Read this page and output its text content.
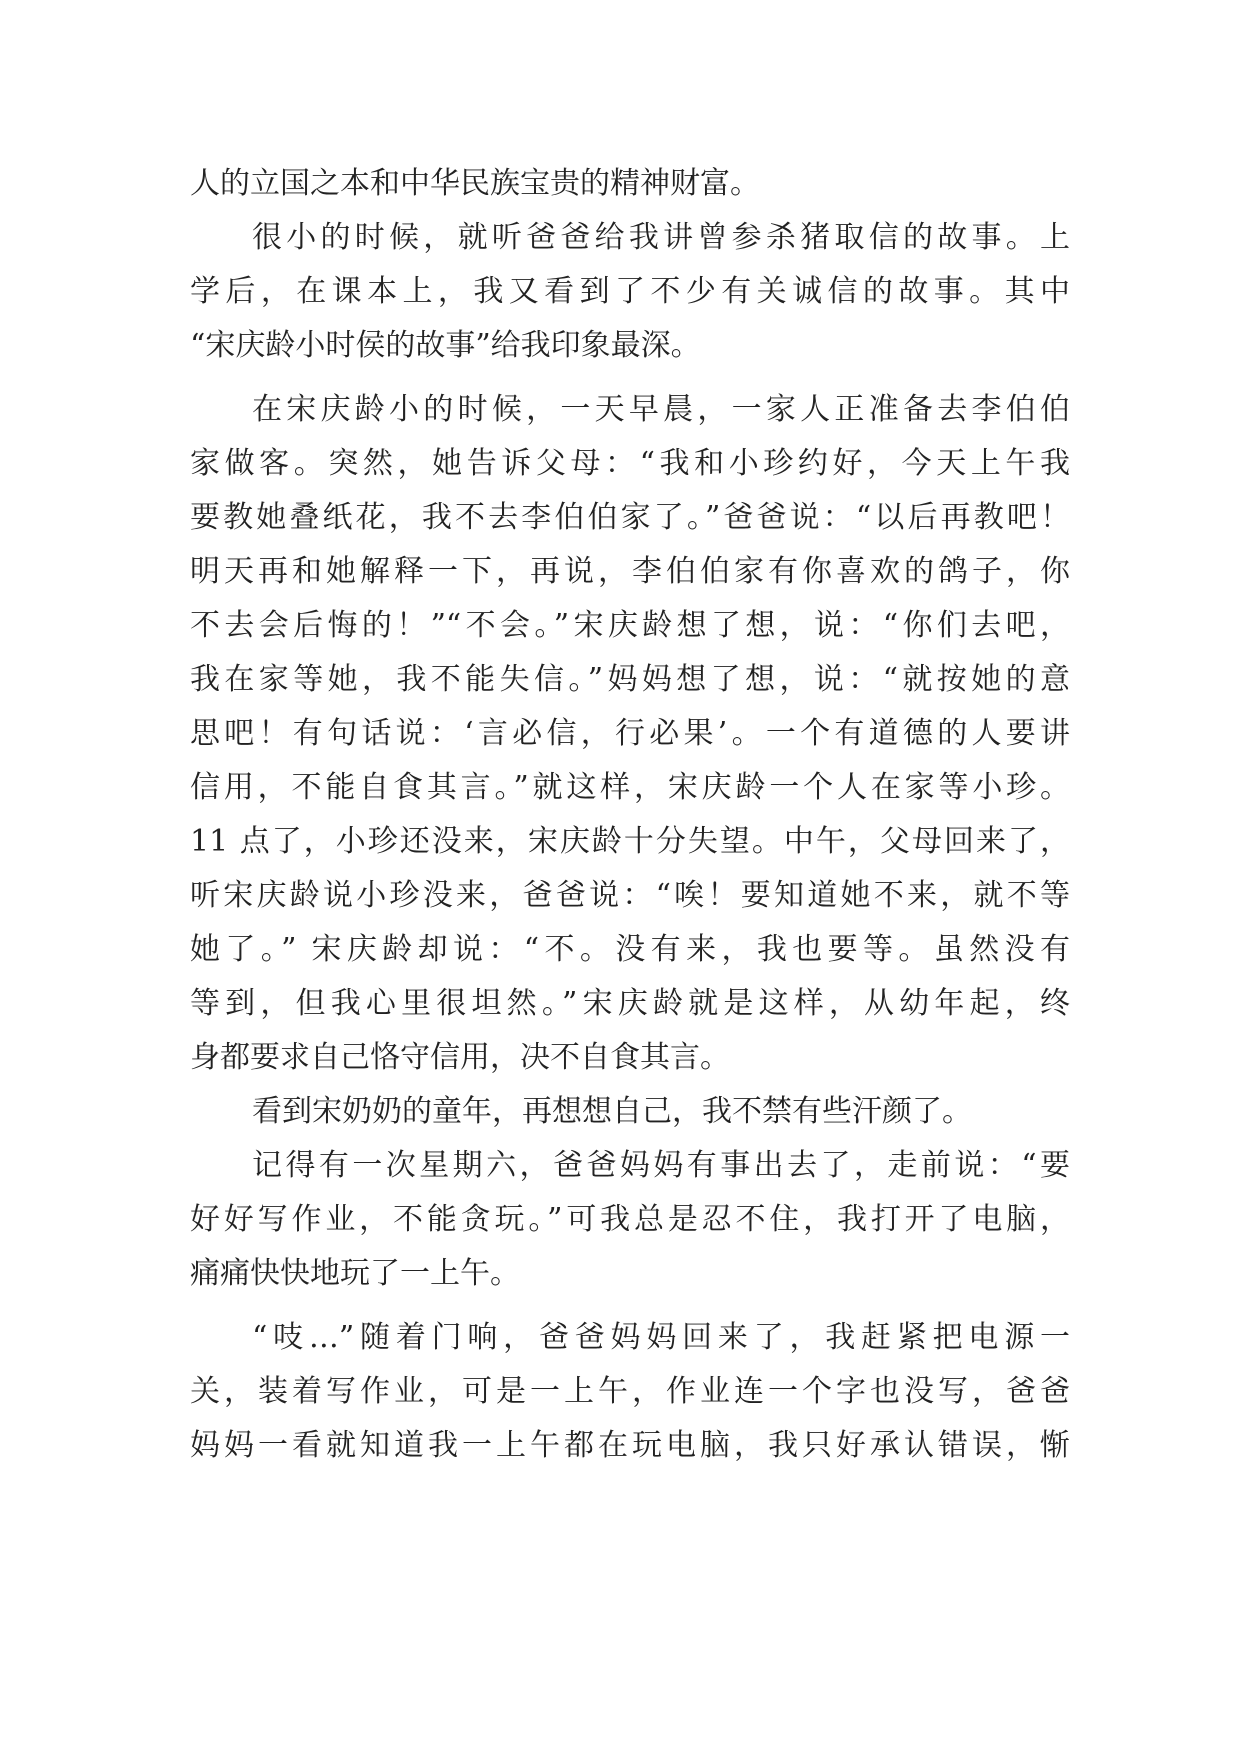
人的立国之本和中华民族宝贵的精神财富。
很小的时候，就听爸爸给我讲曾参杀猪取信的故事。上
学后，在课本上，我又看到了不少有关诚信的故事。其中
“宋庆龄小时侯的故事”给我印象最深。
在宋庆龄小的时候，一天早晨，一家人正准备去李伯伯
家做客。突然，她告诉父母：“我和小珍约好，今天上午我
要教她叠纸花，我不去李伯伯家了。”爸爸说：“以后再教吧！
明天再和她解释一下，再说，李伯伯家有你喜欢的鸽子，你
不去会后悔的！”“不会。”宋庆龄想了想，说：“你们去吧，
我在家等她，我不能失信。”妈妈想了想，说：“就按她的意
思吧！有句话说：‘言必信，行必果’。一个有道德的人要讲
信用，不能自食其言。”就这样，宋庆龄一个人在家等小珍。
11 点了，小珍还没来，宋庆龄十分失望。中午，父母回来了，
听宋庆龄说小珍没来，爸爸说：“唉！要知道她不来，就不等
她了。” 宋庆龄却说：“不。没有来，我也要等。虽然没有
等到，但我心里很坦然。”宋庆龄就是这样，从幼年起，终
身都要求自己恪守信用，决不自食其言。
看到宋奶奶的童年，再想想自己，我不禁有些汗颜了。
记得有一次星期六，爸爸妈妈有事出去了，走前说：“要
好好写作业，不能贪玩。”可我总是忍不住，我打开了电脑，
痛痛快快地玩了一上午。
“吱…”随着门响，爸爸妈妈回来了，我赶紧把电源一
关，装着写作业，可是一上午，作业连一个字也没写，爸爸
妈妈一看就知道我一上午都在玩电脑，我只好承认错误，惭
